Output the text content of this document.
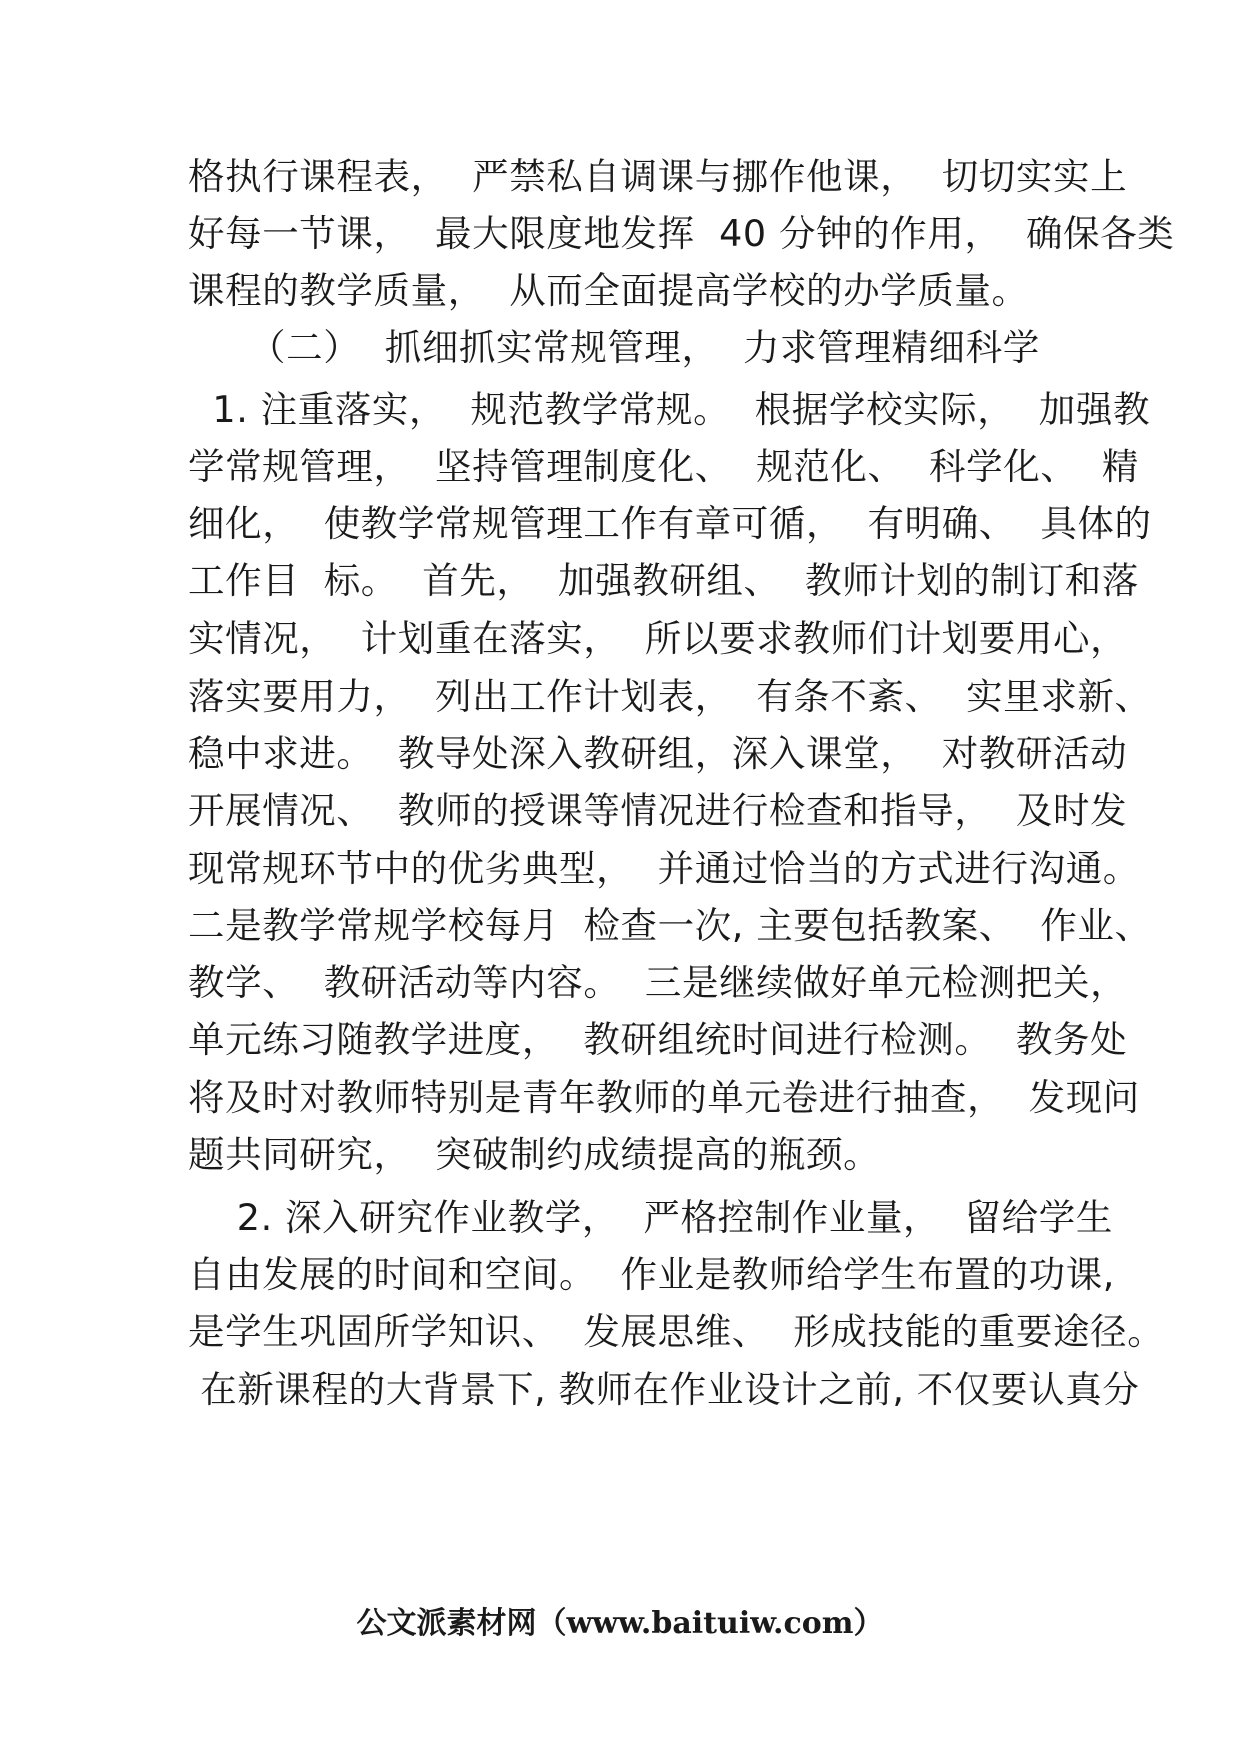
格执行课程表，  严禁私自调课与挪作他课，  切切实实上
好每一节课，  最大限度地发挥  40 分钟的作用，  确保各类
课程的教学质量，  从而全面提高学校的办学质量。
（二）  抓细抓实常规管理，  力求管理精细科学
1. 注重落实，  规范教学常规。  根据学校实际，  加强教
学常规管理，  坚持管理制度化、  规范化、  科学化、  精
细化，  使教学常规管理工作有章可循，  有明确、  具体的
工作目  标。  首先，  加强教研组、  教师计划的制订和落
实情况，  计划重在落实，  所以要求教师们计划要用心，
落实要用力，  列出工作计划表，  有条不紊、  实里求新、
稳中求进。  教导处深入教研组，深入课堂，  对教研活动
开展情况、  教师的授课等情况进行检查和指导，  及时发
现常规环节中的优劣典型，  并通过恰当的方式进行沟通。
二是教学常规学校每月  检查一次, 主要包括教案、  作业、
教学、  教研活动等内容。  三是继续做好单元检测把关，
单元练习随教学进度，  教研组统时间进行检测。  教务处
将及时对教师特别是青年教师的单元卷进行抽查，  发现问
题共同研究，  突破制约成绩提高的瓶颈。
2. 深入研究作业教学，  严格控制作业量，  留给学生
自由发展的时间和空间。  作业是教师给学生布置的功课,
是学生巩固所学知识、  发展思维、  形成技能的重要途径。
在新课程的大背景下, 教师在作业设计之前, 不仅要认真分
公文派素材网（www.baituiw.com）
